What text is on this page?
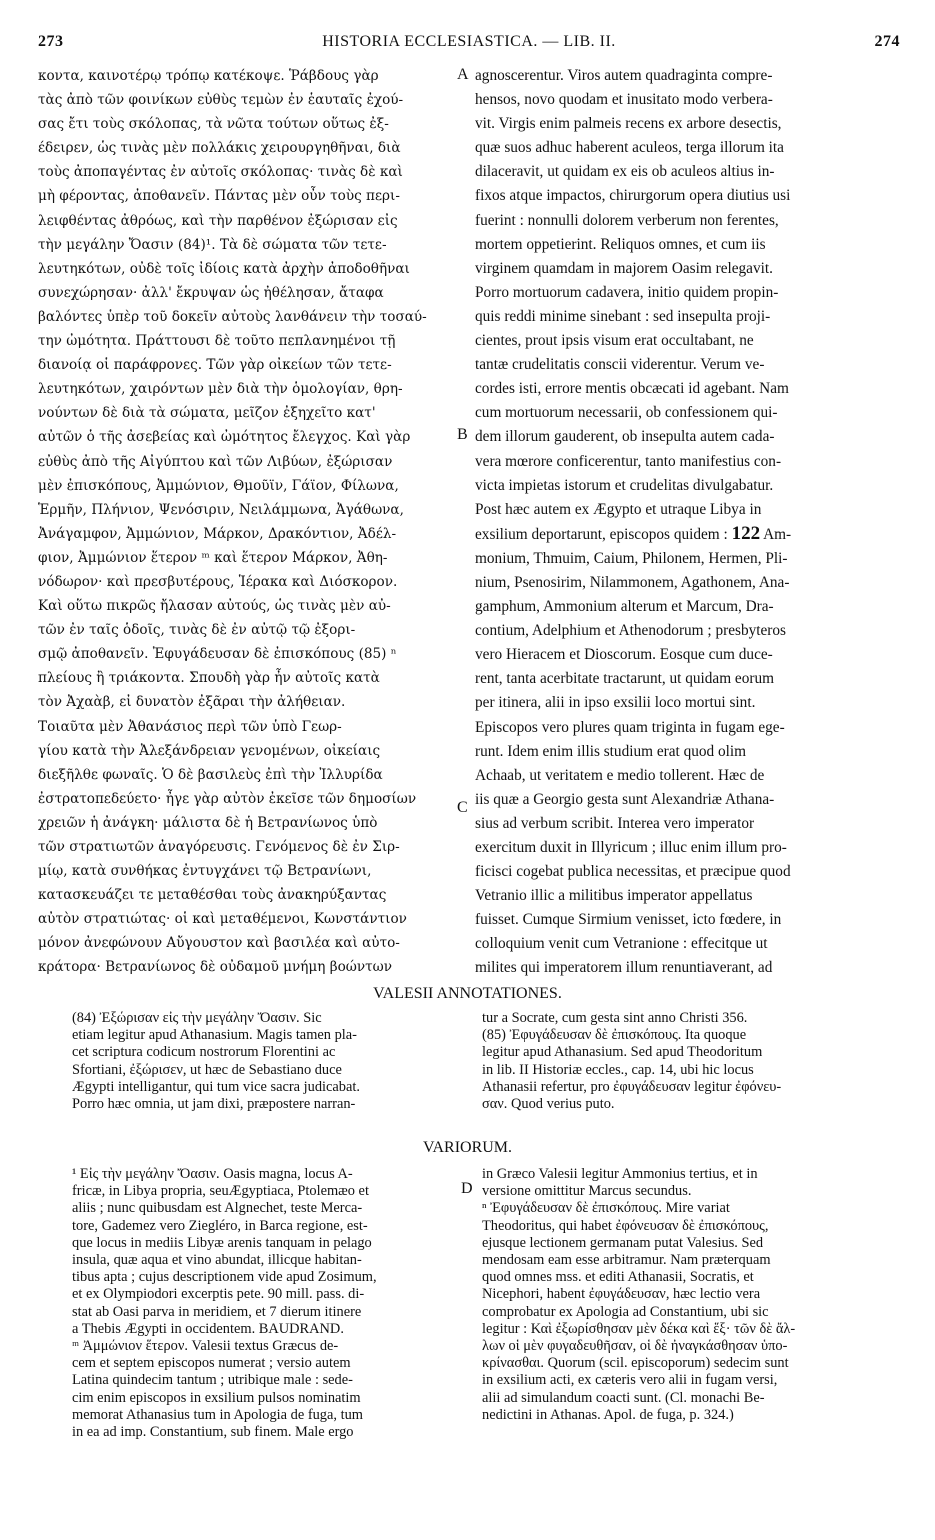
273	HISTORIA ECCLESIASTICA. — LIB. II.	274
κοντα, καινοτέρῳ τρόπῳ κατέκοψε. Ῥάβδους γὰρ
τὰς ἀπὸ τῶν φοινίκων εὐθὺς τεμὼν ἐν ἑαυταῖς ἐχού-
σας ἔτι τοὺς σκόλοπας, τὰ νῶτα τούτων οὕτως ἐξ-
έδειρεν, ὡς τινὰς μὲν πολλάκις χειρουργηθῆναι, διὰ
τοὺς ἀποπαγέντας ἐν αὐτοῖς σκόλοπας· τινὰς δὲ καὶ
μὴ φέροντας, ἀποθανεῖν. Πάντας μὲν οὖν τοὺς περι-
λειφθέντας ἀθρόως, καὶ τὴν παρθένον ἐξώρισαν εἰς
τὴν μεγάλην Ὄασιν (84)¹. Τὰ δὲ σώματα τῶν τετε-
λευτηκότων, οὐδὲ τοῖς ἰδίοις κατὰ ἀρχὴν ἀποδοθῆναι
συνεχώρησαν· ἀλλ' ἔκρυψαν ὡς ἠθέλησαν, ἄταφα
βαλόντες ὑπὲρ τοῦ δοκεῖν αὐτοὺς λανθάνειν τὴν τοσαύ-
την ὠμότητα. Πράττουσι δὲ τοῦτο πεπλανημένοι τῇ
διανοίᾳ οἱ παράφρονες. Τῶν γὰρ οἰκείων τῶν τετε-
λευτηκότων, χαιρόντων μὲν διὰ τὴν ὁμολογίαν, θρη-
νούντων δὲ διὰ τὰ σώματα, μεῖζον ἐξηχεῖτο κατ'
αὐτῶν ὁ τῆς ἀσεβείας καὶ ὠμότητος ἔλεγχος. Καὶ γὰρ
εὐθὺς ἀπὸ τῆς Αἰγύπτου καὶ τῶν Λιβύων, ἐξώρισαν
μὲν ἐπισκόπους, Ἀμμώνιον, Θμοῦϊν, Γάϊον, Φίλωνα,
Ἑρμῆν, Πλήνιον, Ψενόσιριν, Νειλάμμωνα, Ἀγάθωνα,
Ἀνάγαμφον, Ἀμμώνιον, Μάρκον, Δρακόντιον, Ἀδέλ-
φιον, Ἀμμώνιον ἕτερον ᵐ καὶ ἕτερον Μάρκον, Ἀθη-
νόδωρον· καὶ πρεσβυτέρους, Ἱέρακα καὶ Διόσκορον.
Καὶ οὕτω πικρῶς ἤλασαν αὐτούς, ὡς τινὰς μὲν αὐ-
τῶν ἐν ταῖς ὁδοῖς, τινὰς δὲ ἐν αὐτῷ τῷ ἐξορι-
σμῷ ἀποθανεῖν. Ἐφυγάδευσαν δὲ ἐπισκόπους (85) ⁿ
πλείους ἢ τριάκοντα. Σπουδὴ γὰρ ἦν αὐτοῖς κατὰ
τὸν Ἀχαὰβ, εἰ δυνατὸν ἐξᾶραι τὴν ἀλήθειαν.
Τοιαῦτα μὲν Ἀθανάσιος περὶ τῶν ὑπὸ Γεωρ-
γίου κατὰ τὴν Ἀλεξάνδρειαν γενομένων, οἰκείαις
διεξῆλθε φωναῖς. Ὁ δὲ βασιλεὺς ἐπὶ τὴν Ἰλλυρίδα
ἐστρατοπεδεύετο· ἦγε γὰρ αὐτὸν ἐκεῖσε τῶν δημοσίων
χρειῶν ἡ ἀνάγκη· μάλιστα δὲ ἡ Βετρανίωνος ὑπὸ
τῶν στρατιωτῶν ἀναγόρευσις. Γενόμενος δὲ ἐν Σιρ-
μίῳ, κατὰ συνθήκας ἐντυγχάνει τῷ Βετρανίωνι,
κατασκευάζει τε μεταθέσθαι τοὺς ἀνακηρύξαντας
αὐτὸν στρατιώτας· οἱ καὶ μεταθέμενοι, Κωνστάντιον
μόνον ἀνεφώνουν Αὔγουστον καὶ βασιλέα καὶ αὐτο-
κράτορα· Βετρανίωνος δὲ οὐδαμοῦ μνήμη βοώντων
agnoscerentur. Viros autem quadraginta compre-
hensos, novo quodam et inusitato modo verbera-
vit. Virgis enim palmeis recens ex arbore desectis,
quæ suos adhuc haberent aculeos, terga illorum ita
dilaceravit, ut quidam ex eis ob aculeos altius in-
fixos atque impactos, chirurgorum opera diutius usi
fuerint : nonnulli dolorem verberum non ferentes,
mortem oppetierint. Reliquos omnes, et cum iis
virginem quamdam in majorem Oasim relegavit.
Porro mortuorum cadavera, initio quidem propin-
quis reddi minime sinebant : sed insepulta proji-
cientes, prout ipsis visum erat occultabant, ne
tantæ crudelitatis conscii viderentur. Verum ve-
cordes isti, errore mentis obcæcati id agebant. Nam
cum mortuorum necessarii, ob confessionem qui-
dem illorum gauderent, ob insepulta autem cada-
vera mœrore conficerentur, tanto manifestius con-
victa impietas istorum et crudelitas divulgabatur.
Post hæc autem ex Ægypto et utraque Libya in
exsilium deportarunt, episcopos quidem : 122 Am-
monium, Thmuim, Caium, Philonem, Hermen, Pli-
nium, Psenosirim, Nilammonem, Agathonem, Ana-
gamphum, Ammonium alterum et Marcum, Dra-
contium, Adelphium et Athenodorum ; presbyteros
vero Hieracem et Dioscorum. Eosque cum duce-
rent, tanta acerbitate tractarunt, ut quidam eorum
per itinera, alii in ipso exsilii loco mortui sint.
Episcopos vero plures quam triginta in fugam ege-
runt. Idem enim illis studium erat quod olim
Achaab, ut veritatem e medio tollerent. Hæc de
iis quæ a Georgio gesta sunt Alexandriæ Athana-
sius ad verbum scribit. Interea vero imperator
exercitum duxit in Illyricum ; illuc enim illum pro-
ficisci cogebat publica necessitas, et præcipue quod
Vetranio illic a militibus imperator appellatus
fuisset. Cumque Sirmium venisset, icto fœdere, in
colloquium venit cum Vetranione : effecitque ut
milites qui imperatorem illum renuntiaverant, ad
A
B
C
D
VALESII ANNOTATIONES.
(84) Ἐξώρισαν εἰς τὴν μεγάλην Ὄασιν. Sic
etiam legitur apud Athanasium. Magis tamen pla-
cet scriptura codicum nostrorum Florentini ac
Sfortiani, ἐξώρισεν, ut hæc de Sebastiano duce
Ægypti intelligantur, qui tum vice sacra judicabat.
Porro hæc omnia, ut jam dixi, præpostere narran-
tur a Socrate, cum gesta sint anno Christi 356.
(85) Ἐφυγάδευσαν δὲ ἐπισκόπους. Ita quoque
legitur apud Athanasium. Sed apud Theodoritum
in lib. II Historiæ eccles., cap. 14, ubi hic locus
Athanasii refertur, pro ἐφυγάδευσαν legitur ἐφόνευ-
σαν. Quod verius puto.
VARIORUM.
¹ Εἰς τὴν μεγάλην Ὄασιν. Oasis magna, locus A-
fricæ, in Libya propria, seuÆgyptiaca, Ptolemæo et
aliis ; nunc quibusdam est Algnechet, teste Merca-
tore, Gademez vero Ziegléro, in Barca regione, est-
que locus in mediis Libyæ arenis tanquam in pelago
insula, quæ aqua et vino abundat, illicque habitan-
tibus apta ; cujus descriptionem vide apud Zosimum,
et ex Olympiodori excerptis pete. 90 mill. pass. di-
stat ab Oasi parva in meridiem, et 7 dierum itinere
a Thebis Ægypti in occidentem. BAUDRAND.
ᵐ Ἀμμώνιον ἕτερον. Valesii textus Græcus de-
cem et septem episcopos numerat ; versio autem
Latina quindecim tantum ; utribique male : sede-
cim enim episcopos in exsilium pulsos nominatim
memorat Athanasius tum in Apologia de fuga, tum
in ea ad imp. Constantium, sub finem. Male ergo
in Græco Valesii legitur Ammonius tertius, et in
versione omittitur Marcus secundus.
ⁿ Ἐφυγάδευσαν δὲ ἐπισκόπους. Mire variat
Theodoritus, qui habet ἐφόνευσαν δὲ ἐπισκόπους,
ejusque lectionem germanam putat Valesius. Sed
mendosam eam esse arbitramur. Nam præterquam
quod omnes mss. et editi Athanasii, Socratis, et
Nicephori, habent ἐφυγάδευσαν, hæc lectio vera
comprobatur ex Apologia ad Constantium, ubi sic
legitur : Καὶ ἐξωρίσθησαν μὲν δέκα καὶ ἕξ· τῶν δὲ ἄλ-
λων οἱ μὲν φυγαδευθῆσαν, οἱ δὲ ἠναγκάσθησαν ὑπο-
κρίνασθαι. Quorum (scil. episcoporum) sedecim sunt
in exsilium acti, ex cæteris vero alii in fugam versi,
alii ad simulandum coacti sunt. (Cl. monachi Be-
nedictini in Athanas. Apol. de fuga, p. 324.)
